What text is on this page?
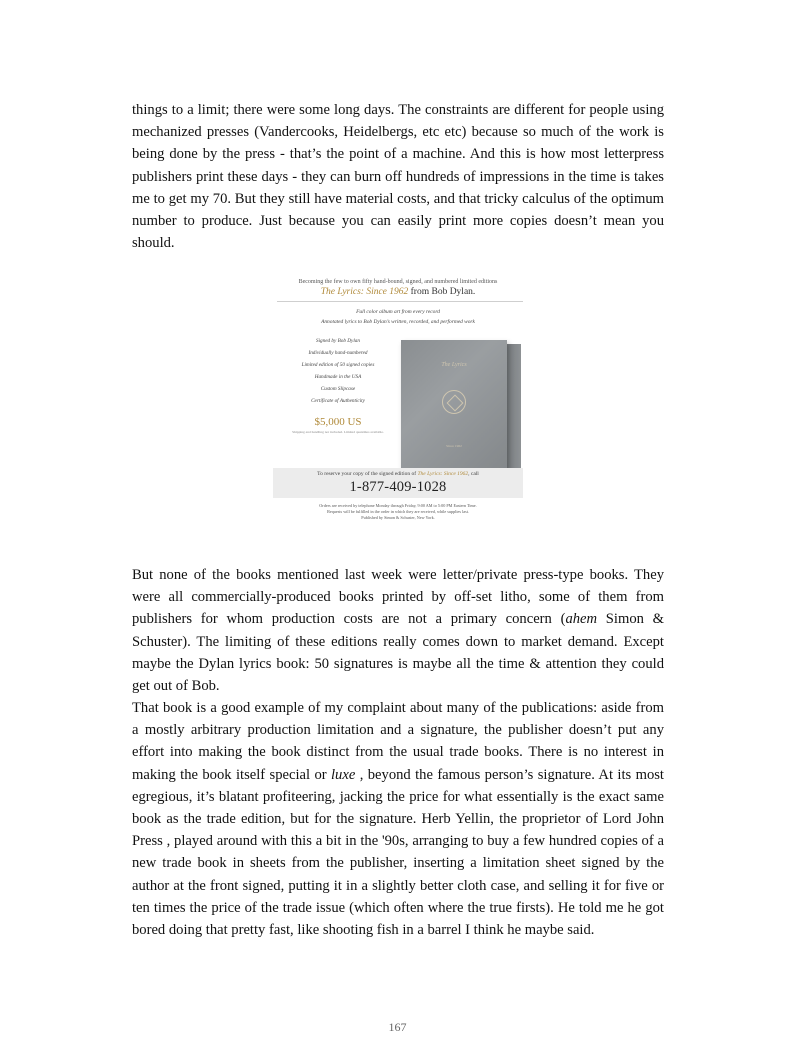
things to a limit; there were some long days. The constraints are different for people using mechanized presses (Vandercooks, Heidelbergs, etc etc) because so much of the work is being done by the press - that’s the point of a machine. And this is how most letterpress publishers print these days - they can burn off hundreds of impressions in the time is takes me to get my 70. But they still have material costs, and that tricky calculus of the optimum number to produce. Just because you can easily print more copies doesn’t mean you should.

Becoming the few to own fifty hand-bound, signed, and numbered limited editions
The Lyrics: Since 1962 from Bob Dylan.
Full color album art from every record
Annotated lyrics to Bob Dylan’s written, recorded, and performed work
Signed by Bob Dylan
Individually hand-numbered
Limited edition of 50 signed copies
Handmade in the USA
Custom Slipcase
Certificate of Authenticity
$5,000 US
Shipping and handling not included. Limited quantities available.
The Lyrics
Since 1962
To reserve your copy of the signed edition of The Lyrics: Since 1962, call
1-877-409-1028
Orders are received by telephone Monday through Friday, 9:00 AM to 5:00 PM Eastern Time.
Requests will be fulfilled in the order in which they are received, while supplies last.
Published by Simon & Schuster, New York.

But none of the books mentioned last week were letter/private press-type books. They were all commercially-produced books printed by off-set litho, some of them from publishers for whom production costs are not a primary concern (ahem Simon & Schuster). The limiting of these editions really comes down to market demand. Except maybe the Dylan lyrics book: 50 signatures is maybe all the time & attention they could get out of Bob.

That book is a good example of my complaint about many of the publications: aside from a mostly arbitrary production limitation and a signature, the publisher doesn’t put any effort into making the book distinct from the usual trade books. There is no interest in making the book itself special or luxe , beyond the famous person’s signature. At its most egregious, it’s blatant profiteering, jacking the price for what essentially is the exact same book as the trade edition, but for the signature. Herb Yellin, the proprietor of Lord John Press , played around with this a bit in the '90s, arranging to buy a few hundred copies of a new trade book in sheets from the publisher, inserting a limitation sheet signed by the author at the front signed, putting it in a slightly better cloth case, and selling it for five or ten times the price of the trade issue (which often where the true firsts). He told me he got bored doing that pretty fast, like shooting fish in a barrel I think he maybe said.

167
